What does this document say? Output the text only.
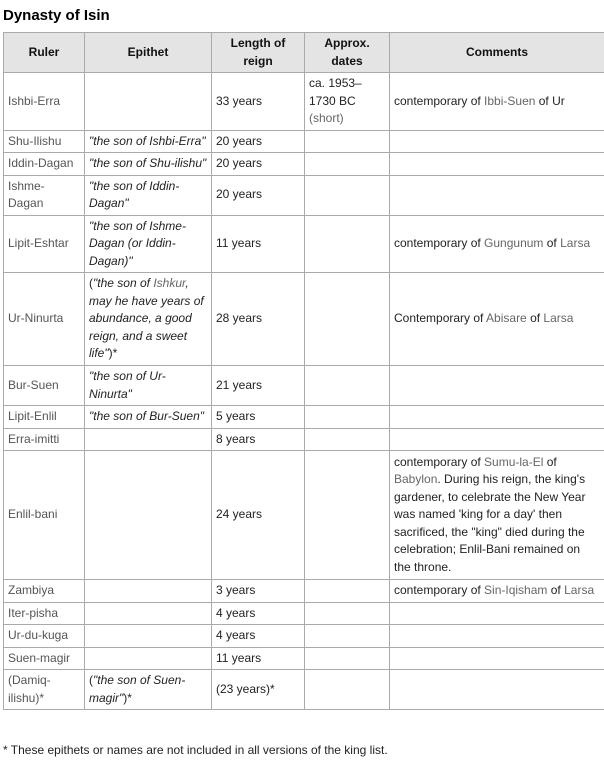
Dynasty of Isin
Ruler	Epithet	Length of reign	Approx. dates	Comments
Ishbi-Erra		33 years	ca. 1953–1730 BC (short)	contemporary of Ibbi-Suen of Ur
Shu-Ilishu	"the son of Ishbi-Erra"	20 years		
Iddin-Dagan	"the son of Shu-ilishu"	20 years		
Ishme-Dagan	"the son of Iddin-Dagan"	20 years		
Lipit-Eshtar	"the son of Ishme-Dagan (or Iddin-Dagan)"	11 years		contemporary of Gungunum of Larsa
Ur-Ninurta	("the son of Ishkur, may he have years of abundance, a good reign, and a sweet life")*	28 years		Contemporary of Abisare of Larsa
Bur-Suen	"the son of Ur-Ninurta"	21 years		
Lipit-Enlil	"the son of Bur-Suen"	5 years		
Erra-imitti		8 years		
Enlil-bani		24 years		contemporary of Sumu-la-El of Babylon. During his reign, the king's gardener, to celebrate the New Year was named 'king for a day' then sacrificed, the "king" died during the celebration; Enlil-Bani remained on the throne.
Zambiya		3 years		contemporary of Sin-Iqisham of Larsa
Iter-pisha		4 years		
Ur-du-kuga		4 years		
Suen-magir		11 years		
(Damiq-ilishu)*	("the son of Suen-magir")*	(23 years)*		
* These epithets or names are not included in all versions of the king list.
